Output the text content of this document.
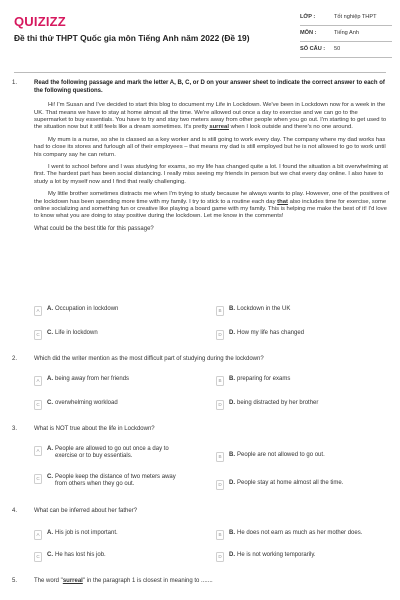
QUIZIZZ
Đề thi thử THPT Quốc gia môn Tiếng Anh năm 2022 (Đề 19)
LỚP :	Tốt nghiệp THPT
MÔN :	Tiếng Anh
SỐ CÂU :	50
1.	Read the following passage and mark the letter A, B, C, or D on your answer sheet to indicate the correct answer to each of the following questions.

Hi! I'm Susan and I've decided to start this blog to document my Life in Lockdown. We've been in Lockdown now for a week in the UK. That means we have to stay at home almost all the time. We're allowed out once a day to exercise and we can go to the supermarket to buy essentials. You have to try and stay two meters away from other people when you go out. I'm starting to get used to the situation now but it still feels like a dream sometimes. It's pretty surreal when I look outside and there's no one around.

My mum is a nurse, so she is classed as a key worker and is still going to work every day. The company where my dad works has had to close its stores and furlough all of their employees – that means my dad is still employed but he is not allowed to go to work until his company say he can return.

I went to school before and I was studying for exams, so my life has changed quite a lot. I found the situation a bit overwhelming at first. The hardest part has been social distancing. I really miss seeing my friends in person but we chat every day online. I also have to study a lot by myself now and I find that really challenging.

My little brother sometimes distracts me when I'm trying to study because he always wants to play. However, one of the positives of the lockdown has been spending more time with my family. I try to stick to a routine each day that also includes time for exercise, some online socializing and something fun or creative like playing a board game with my family. This is helping me make the best of it! I'd love to know what you are doing to stay positive during the lockdown. Let me know in the comments!

What could be the best title for this passage?
A	A. Occupation in lockdown	B	B. Lockdown in the UK
C	C. Life in lockdown	D	D. How my life has changed
2.	Which did the writer mention as the most difficult part of studying during the lockdown?
A	A. being away from her friends	B	B. preparing for exams
C	C. overwhelming workload	D	D. being distracted by her brother
3.	What is NOT true about the life in Lockdown?
A	A. People are allowed to go out once a day to exercise or to buy essentials.	B	B. People are not allowed to go out.
C	C. People keep the distance of two meters away from others when they go out.	D	D. People stay at home almost all the time.
4.	What can be inferred about her father?
A	A. His job is not important.	B	B. He does not earn as much as her mother does.
C	C. He has lost his job.	D	D. He is not working temporarily.
5.	The word "surreal" in the paragraph 1 is closest in meaning to .......
